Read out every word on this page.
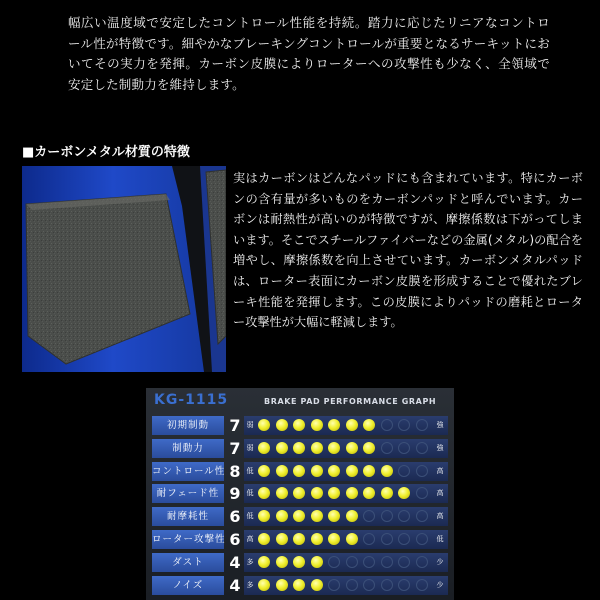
幅広い温度域で安定したコントロール性能を持続。踏力に応じたリニアなコントロール性が特徴です。細やかなブレーキングコントロールが重要となるサーキットにおいてその実力を発揮。カーボン皮膜によりローターへの攻撃性も少なく、全領域で安定した制動力を維持します。
■カーボンメタル材質の特徴
実はカーボンはどんなパッドにも含まれています。特にカーボンの含有量が多いものをカーボンパッドと呼んでいます。カーボンは耐熱性が高いのが特徴ですが、摩擦係数は下がってしまいます。そこでスチールファイバーなどの金属(メタル)の配合を増やし、摩擦係数を向上させています。カーボンメタルパッドは、ローター表面にカーボン皮膜を形成することで優れたブレーキ性能を発揮します。この皮膜によりパッドの磨耗とローター攻撃性が大幅に軽減します。
KG-1115	BRAKE PAD PERFORMANCE GRAPH
初期制動	7 弱	強
制動力	7 弱	強
コントロール性 8 低	高
耐フェード性 9 低	高
耐摩耗性	6 低	高
ローター攻撃性 6 高	低
ダスト	4 多	少
ノイズ	4 多	少
